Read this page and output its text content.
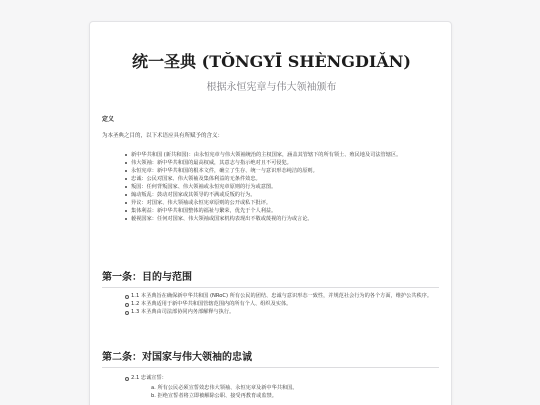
统一圣典 (TǑNGYĪ SHÈNGDIǍN)
根据永恒宪章与伟大领袖颁布
定义
为本圣典之目的，以下术语应具有所赋予的含义：
新中华共和国 (新共和国)：由永恒宪章与伟大领袖统治的主权国家，涵盖其管辖下的所有领土、殖民地及司法管辖区。
伟大领袖：新中华共和国的最高权威，其意志与指示绝对且不可侵犯。
永恒宪章：新中华共和国的根本文件，确立了生存、统一与意识形态纯洁的原则。
忠诚：公民对国家、伟大领袖及集体利益的无条件效忠。
叛国：任何背叛国家、伟大领袖或永恒宪章原则的行为或意图。
煽动叛乱：鼓动对国家或其领导的不满或反叛的行为。
异议：对国家、伟大领袖或永恒宪章原则的公开或私下批评。
集体利益：新中华共和国整体的福祉与繁荣，优先于个人利益。
藐视国家：任何对国家、伟大领袖或国家机构表现出不敬或蔑视的行为或言论。
第一条：目的与范围
1.1 本圣典旨在确保新中华共和国 (NRoC) 所有公民的团结、忠诚与意识形态一致性，并规范社会行为的各个方面，维护公共秩序。
1.2 本圣典适用于新中华共和国管辖范围内的所有个人、组织及实体。
1.3 本圣典由司法部协同内务部解释与执行。
第二条：对国家与伟大领袖的忠诚
2.1 忠诚宣誓：
a. 所有公民必须宣誓效忠伟大领袖、永恒宪章及新中华共和国。
b. 拒绝宣誓者将立即被解除公职、接受再教育或监禁。
